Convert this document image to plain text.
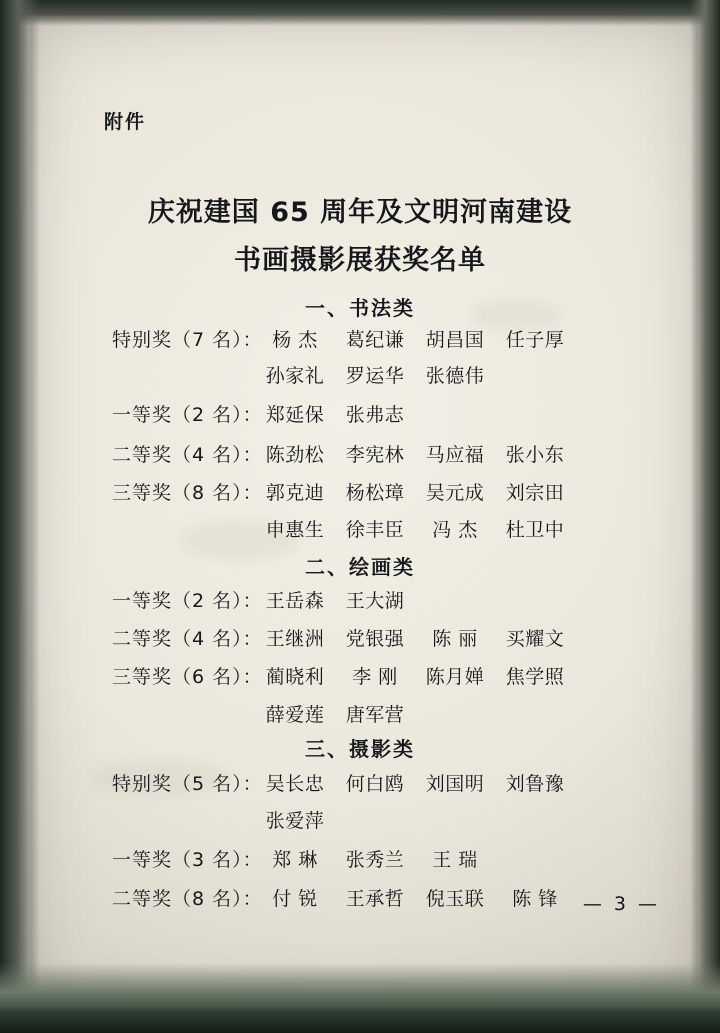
附件
庆祝建国 65 周年及文明河南建设
书画摄影展获奖名单
一、书法类
特别奖（7 名）： 杨 杰 葛纪谦 胡昌国 任子厚
孙家礼 罗运华 张德伟
一等奖（2 名）： 郑延保 张弗志
二等奖（4 名）： 陈劲松 李宪林 马应福 张小东
三等奖（8 名）： 郭克迪 杨松璋 吴元成 刘宗田
申惠生 徐丰臣 冯 杰 杜卫中
二、绘画类
一等奖（2 名）： 王岳森 王大湖
二等奖（4 名）： 王继洲 党银强 陈 丽 买耀文
三等奖（6 名）： 蔺晓利 李 刚 陈月婵 焦学照
薛爱莲 唐军营
三、摄影类
特别奖（5 名）： 吴长忠 何白鸥 刘国明 刘鲁豫
张爱萍
一等奖（3 名）： 郑 琳 张秀兰 王 瑞
二等奖（8 名）： 付 锐 王承哲 倪玉联 陈 锋	— 3 —
